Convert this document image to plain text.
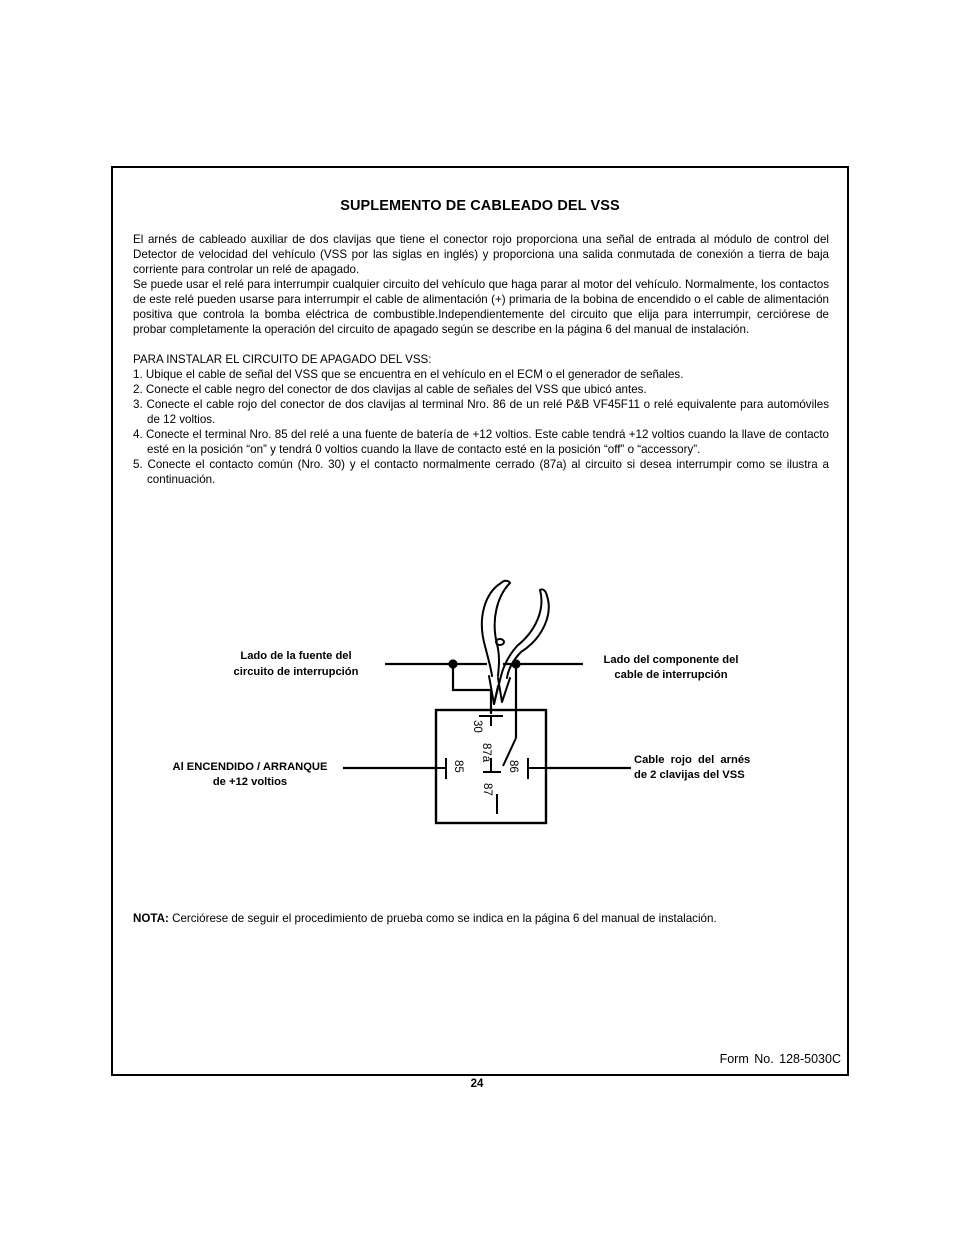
SUPLEMENTO DE CABLEADO DEL VSS

El arnés de cableado auxiliar de dos clavijas que tiene el conector rojo proporciona una señal de entrada al módulo de control del Detector de velocidad del vehículo (VSS por las siglas en inglés) y proporciona una salida conmutada de conexión a tierra de baja corriente para controlar un relé de apagado.

Se puede usar el relé para interrumpir cualquier circuito del vehículo que haga parar al motor del vehículo. Normalmente, los contactos de este relé pueden usarse para interrumpir el cable de alimentación (+) primaria de la bobina de encendido o el cable de alimentación positiva que controla la bomba eléctrica de combustible.Independientemente del circuito que elija para interrumpir, cerciórese de probar completamente la operación del circuito de apagado según se describe en la página 6 del manual de instalación.

PARA INSTALAR EL CIRCUITO DE APAGADO DEL VSS:

1. Ubique el cable de señal del VSS que se encuentra en el vehículo en el ECM o el generador de señales.
2. Conecte el cable negro del conector de dos clavijas al cable de señales del VSS que ubicó antes.
3. Conecte el cable rojo del conector de dos clavijas al terminal Nro. 86 de un relé P&B VF45F11 o relé equivalente para automóviles de 12 voltios.
4. Conecte el terminal Nro. 85 del relé a una fuente de batería de +12 voltios. Este cable tendrá +12 voltios cuando la llave de contacto esté en la posición “on” y tendrá 0 voltios cuando la llave de contacto esté en la posición “off” o “accessory”.
5. Conecte el contacto común (Nro. 30) y el contacto normalmente cerrado (87a) al circuito si desea interrumpir como se ilustra a continuación.
30
87a
85	86
87
Lado de la fuente del
circuito de interrupción
Lado del componente del
cable de interrupción
Al ENCENDIDO / ARRANQUE
de +12 voltios
Cable  rojo  del  arnés
de 2 clavijas del VSS
NOTA: Cerciórese de seguir el procedimiento de prueba como se indica en la página 6 del manual de instalación.
Form No. 128-5030C
24
